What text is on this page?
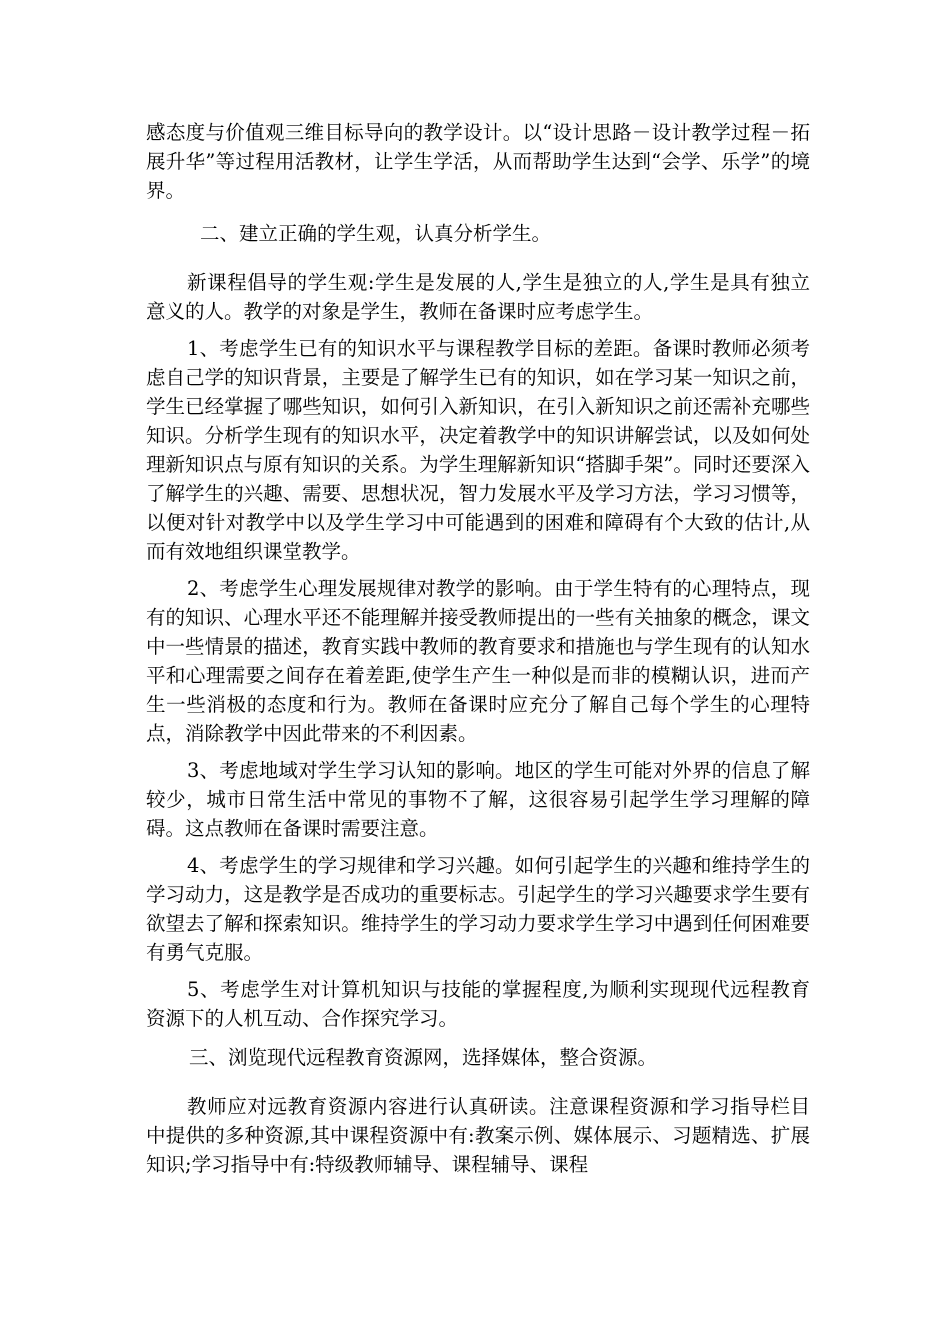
感态度与价值观三维目标导向的教学设计。以“设计思路－设计教学过程－拓展升华”等过程用活教材，让学生学活，从而帮助学生达到“会学、乐学”的境界。

二、建立正确的学生观，认真分析学生。

新课程倡导的学生观:学生是发展的人,学生是独立的人,学生是具有独立意义的人。教学的对象是学生，教师在备课时应考虑学生。

1、考虑学生已有的知识水平与课程教学目标的差距。备课时教师必须考虑自己学的知识背景，主要是了解学生已有的知识，如在学习某一知识之前，学生已经掌握了哪些知识，如何引入新知识，在引入新知识之前还需补充哪些知识。分析学生现有的知识水平，决定着教学中的知识讲解尝试，以及如何处理新知识点与原有知识的关系。为学生理解新知识“搭脚手架”。同时还要深入了解学生的兴趣、需要、思想状况，智力发展水平及学习方法，学习习惯等，以便对针对教学中以及学生学习中可能遇到的困难和障碍有个大致的估计,从而有效地组织课堂教学。

2、考虑学生心理发展规律对教学的影响。由于学生特有的心理特点，现有的知识、心理水平还不能理解并接受教师提出的一些有关抽象的概念，课文中一些情景的描述，教育实践中教师的教育要求和措施也与学生现有的认知水平和心理需要之间存在着差距,使学生产生一种似是而非的模糊认识，进而产生一些消极的态度和行为。教师在备课时应充分了解自己每个学生的心理特点，消除教学中因此带来的不利因素。

3、考虑地域对学生学习认知的影响。地区的学生可能对外界的信息了解较少，城市日常生活中常见的事物不了解，这很容易引起学生学习理解的障碍。这点教师在备课时需要注意。

4、考虑学生的学习规律和学习兴趣。如何引起学生的兴趣和维持学生的学习动力，这是教学是否成功的重要标志。引起学生的学习兴趣要求学生要有欲望去了解和探索知识。维持学生的学习动力要求学生学习中遇到任何困难要有勇气克服。

5、考虑学生对计算机知识与技能的掌握程度,为顺利实现现代远程教育资源下的人机互动、合作探究学习。

三、浏览现代远程教育资源网，选择媒体，整合资源。

教师应对远教育资源内容进行认真研读。注意课程资源和学习指导栏目中提供的多种资源,其中课程资源中有:教案示例、媒体展示、习题精选、扩展知识;学习指导中有:特级教师辅导、课程辅导、课程
